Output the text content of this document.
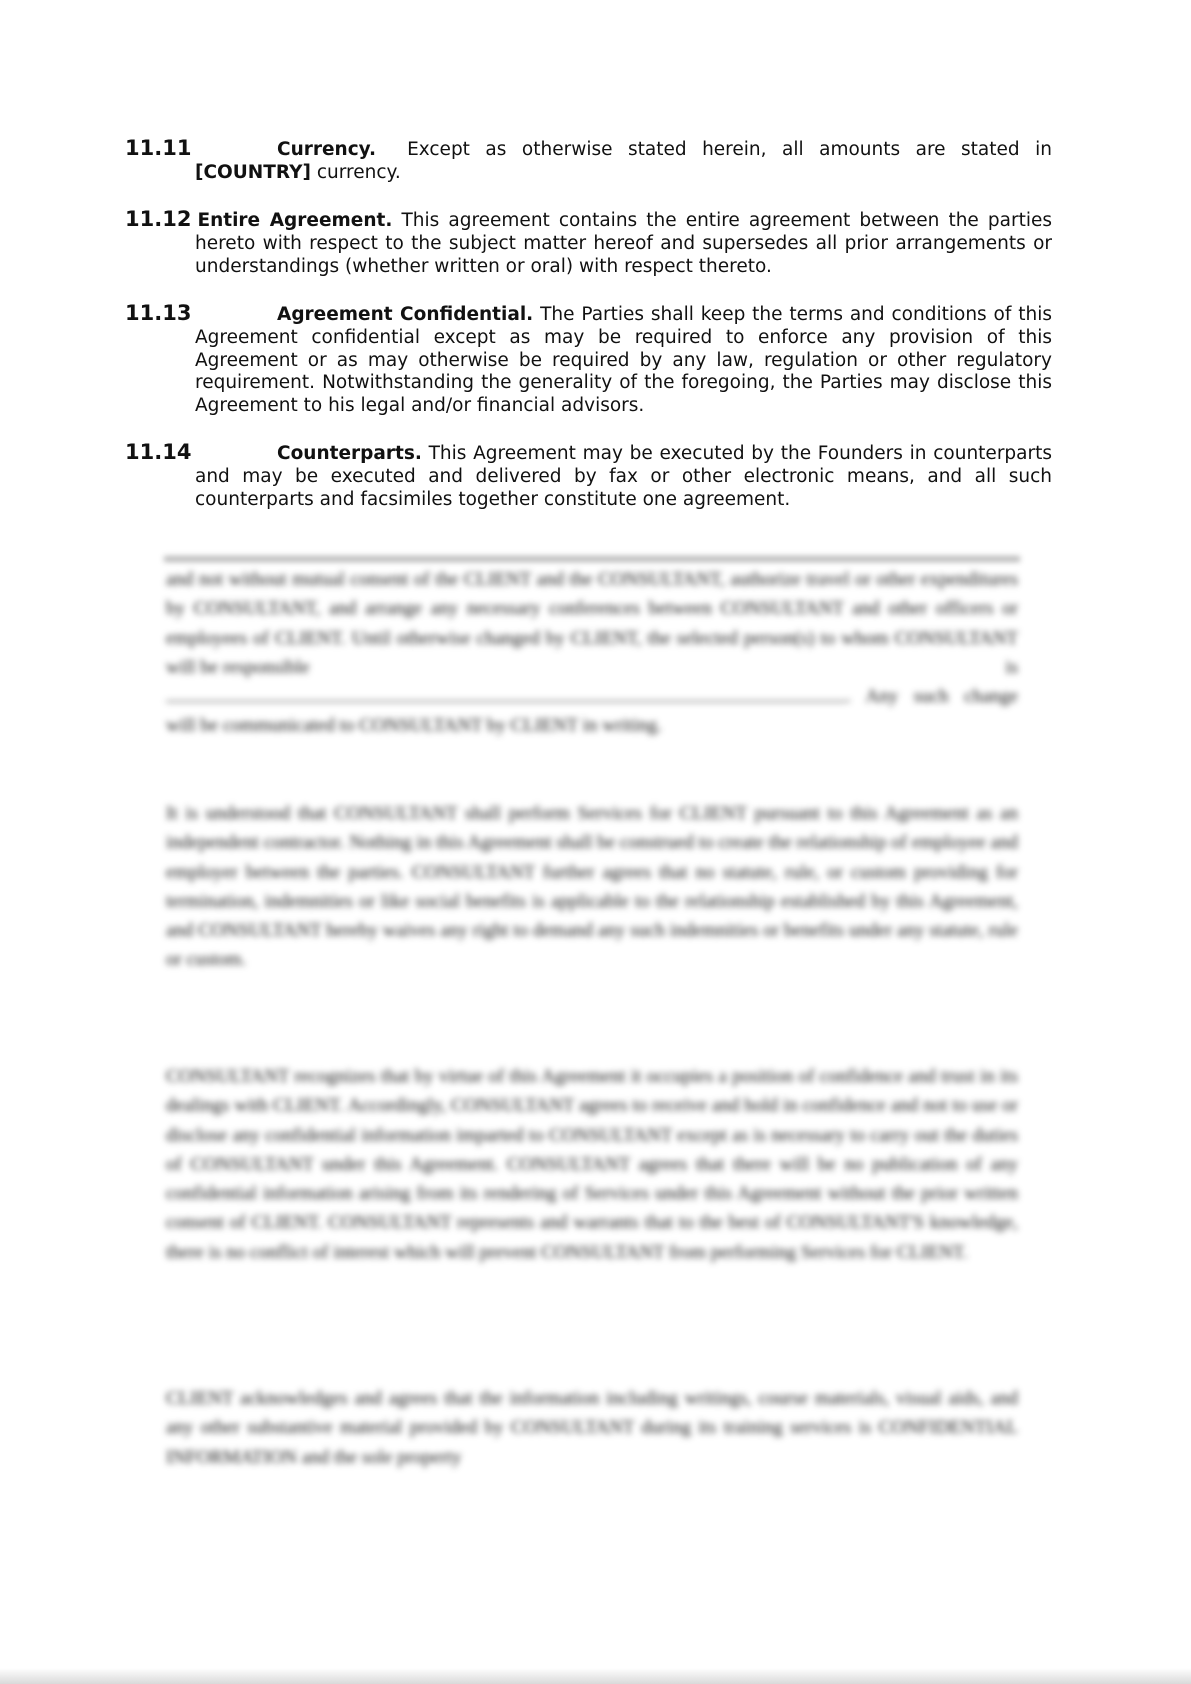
11.11	Currency. Except as otherwise stated herein, all amounts are stated in [COUNTRY] currency.

11.12 Entire Agreement. This agreement contains the entire agreement between the parties hereto with respect to the subject matter hereof and supersedes all prior arrangements or understandings (whether written or oral) with respect thereto.

11.13	Agreement Confidential. The Parties shall keep the terms and conditions of this Agreement confidential except as may be required to enforce any provision of this Agreement or as may otherwise be required by any law, regulation or other regulatory requirement. Notwithstanding the generality of the foregoing, the Parties may disclose this Agreement to his legal and/or financial advisors.

11.14	Counterparts. This Agreement may be executed by the Founders in counterparts and may be executed and delivered by fax or other electronic means, and all such counterparts and facsimiles together constitute one agreement.

and not without mutual consent of the CLIENT and the CONSULTANT, authorize travel or other expenditures by CONSULTANT, and arrange any necessary conferences between CONSULTANT and other officers or employees of CLIENT. Until otherwise changed by CLIENT, the selected person(s) to whom CONSULTANT will be responsible	is

. Any such change will be communicated to CONSULTANT by CLIENT in writing.

It is understood that CONSULTANT shall perform Services for CLIENT pursuant to this Agreement as an independent contractor. Nothing in this Agreement shall be construed to create the relationship of employee and employer between the parties. CONSULTANT further agrees that no statute, rule, or custom providing for termination, indemnities or like social benefits is applicable to the relationship established by this Agreement, and CONSULTANT hereby waives any right to demand any such indemnities or benefits under any statute, rule or custom.

CONSULTANT recognizes that by virtue of this Agreement it occupies a position of confidence and trust in its dealings with CLIENT. Accordingly, CONSULTANT agrees to receive and hold in confidence and not to use or disclose any confidential information imparted to CONSULTANT except as is necessary to carry out the duties of CONSULTANT under this Agreement. CONSULTANT agrees that there will be no publication of any confidential information arising from its rendering of Services under this Agreement without the prior written consent of CLIENT. CONSULTANT represents and warrants that to the best of CONSULTANT'S knowledge, there is no conflict of interest which will prevent CONSULTANT from performing Services for CLIENT.

CLIENT acknowledges and agrees that the information including writings, course materials, visual aids, and any other substantive material provided by CONSULTANT during its training services is CONFIDENTIAL INFORMATION and the sole property
